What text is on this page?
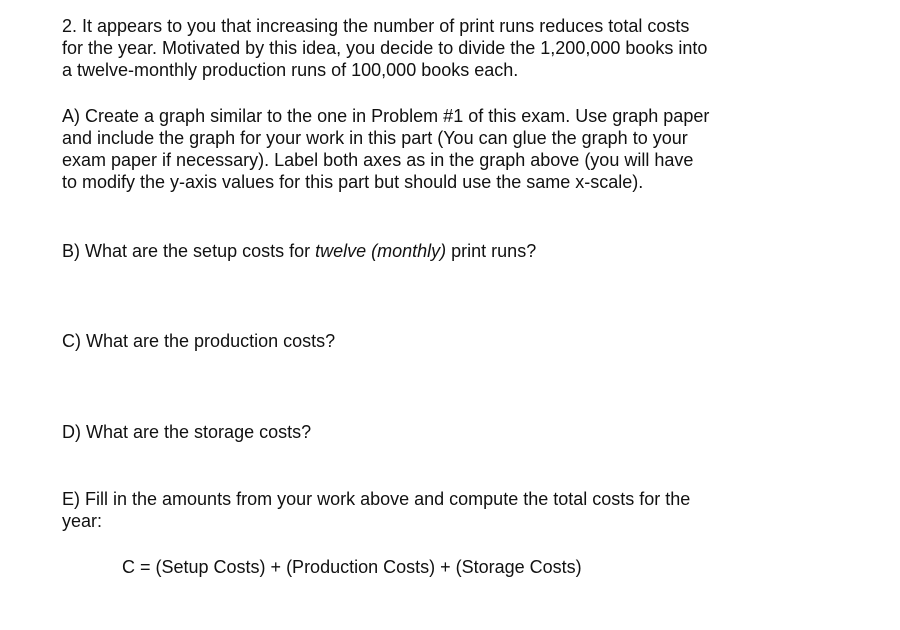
2. It appears to you that increasing the number of print runs reduces total costs
for the year. Motivated by this idea, you decide to divide the 1,200,000 books into
a twelve-monthly production runs of 100,000 books each.

A) Create a graph similar to the one in Problem #1 of this exam. Use graph paper
and include the graph for your work in this part (You can glue the graph to your
exam paper if necessary). Label both axes as in the graph above (you will have
to modify the y-axis values for this part but should use the same x-scale).

B) What are the setup costs for twelve (monthly) print runs?

C) What are the production costs?

D) What are the storage costs?

E) Fill in the amounts from your work above and compute the total costs for the
year:

C = (Setup Costs) + (Production Costs) + (Storage Costs)
